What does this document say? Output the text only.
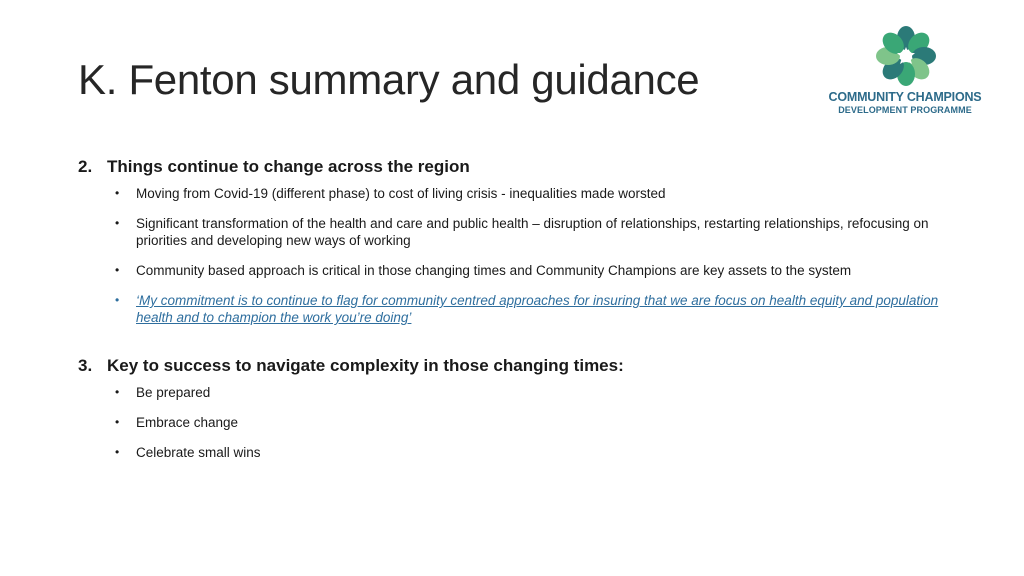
K. Fenton summary and guidance	COMMUNITY CHAMPIONS
DEVELOPMENT PROGRAMME
2. Things continue to change across the region
•	Moving from Covid-19 (different phase) to cost of living crisis - inequalities made worsted
•	Significant transformation of the health and care and public health – disruption of relationships, restarting relationships, refocusing on priorities and developing new ways of working
•	Community based approach is critical in those changing times and Community Champions are key assets to the system
•	‘My commitment is to continue to flag for community centred approaches for insuring that we are focus on health equity and population health and to champion the work you’re doing’
3. Key to success to navigate complexity in those changing times:
•	Be prepared
•	Embrace change
•	Celebrate small wins
